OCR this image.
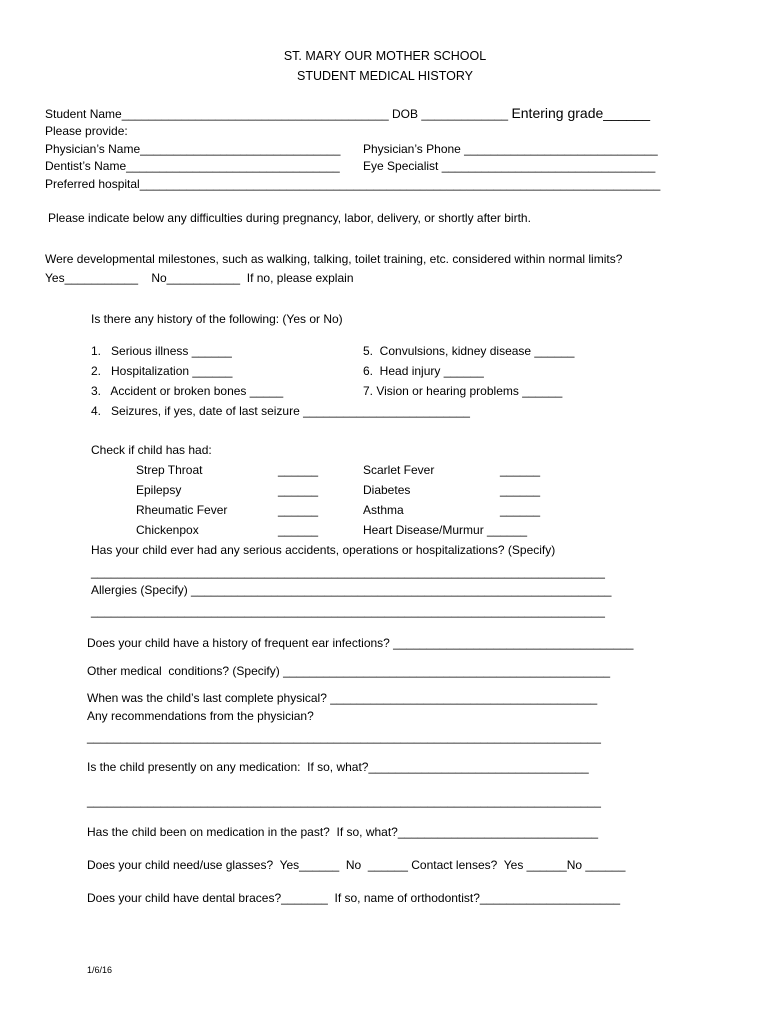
ST. MARY OUR MOTHER SCHOOL
STUDENT MEDICAL HISTORY
Student Name________________________________________ DOB _____________ Entering grade______
Please provide:
Physician’s Name______________________________ Physician’s Phone _____________________________
Dentist’s Name________________________________ Eye Specialist ________________________________
Preferred hospital______________________________________________________________________________
Please indicate below any difficulties during pregnancy, labor, delivery, or shortly after birth.
Were developmental milestones, such as walking, talking, toilet training, etc. considered within normal limits?
Yes___________    No___________  If no, please explain
Is there any history of the following: (Yes or No)
1.   Serious illness ______	5.  Convulsions, kidney disease ______
2.   Hospitalization ______	6.  Head injury ______
3.   Accident or broken bones _____	7. Vision or hearing problems ______
4.   Seizures, if yes, date of last seizure _________________________
Check if child has had:
Strep Throat	______	Scarlet Fever	______
Epilepsy	______	Diabetes	______
Rheumatic Fever	______	Asthma	______
Chickenpox	______	Heart Disease/Murmur ______
Has your child ever had any serious accidents, operations or hospitalizations? (Specify)
_____________________________________________________________________________
Allergies (Specify) _______________________________________________________________
_____________________________________________________________________________
Does your child have a history of frequent ear infections? ____________________________________
Other medical  conditions? (Specify) _________________________________________________
When was the child’s last complete physical? ________________________________________
Any recommendations from the physician?
_____________________________________________________________________________
Is the child presently on any medication:  If so, what?_________________________________
_____________________________________________________________________________
Has the child been on medication in the past?  If so, what?______________________________
Does your child need/use glasses?  Yes______  No  ______ Contact lenses?  Yes ______No ______
Does your child have dental braces?_______  If so, name of orthodontist?_____________________
1/6/16
